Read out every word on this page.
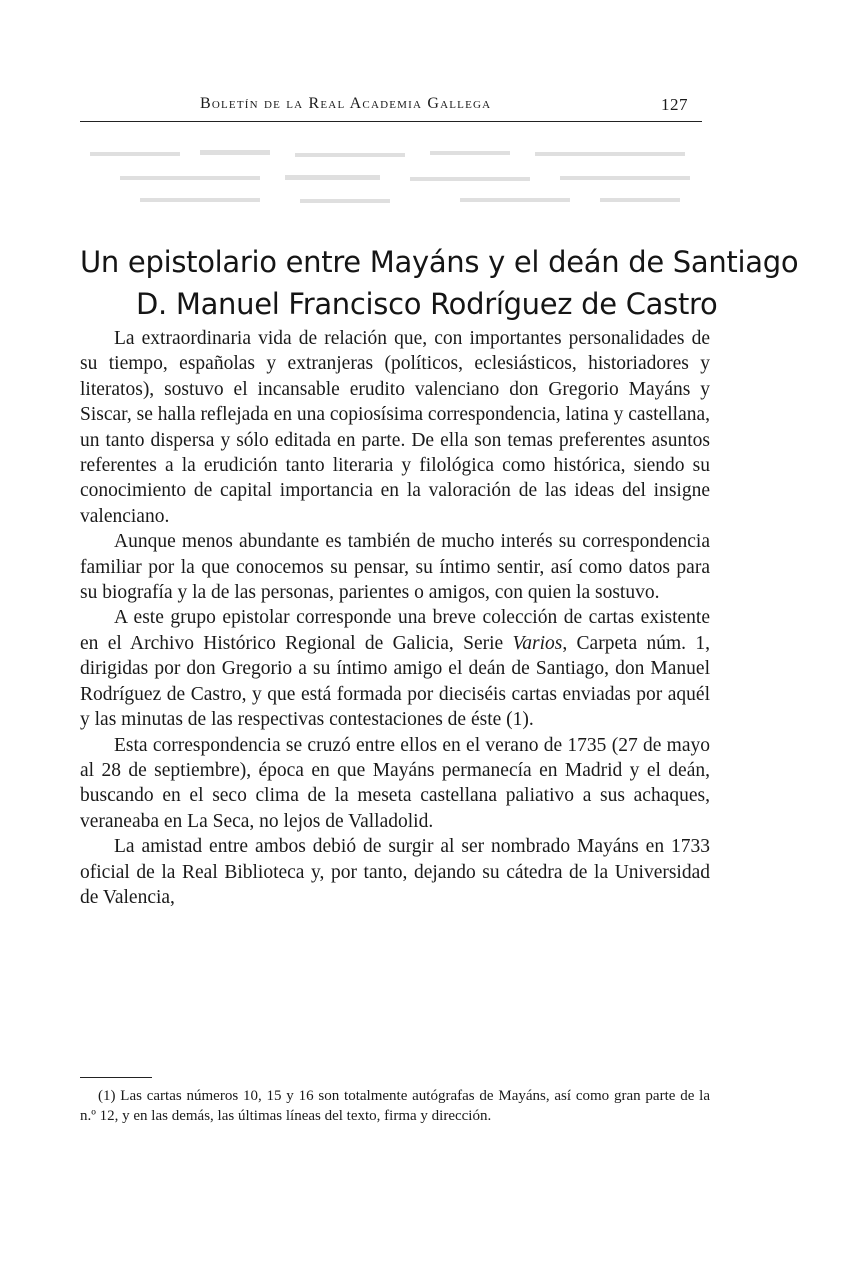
Boletín de la Real Academia Gallega	127
Un epistolario entre Mayáns y el deán de Santiago
D. Manuel Francisco Rodríguez de Castro

La extraordinaria vida de relación que, con importantes personalidades de su tiempo, españolas y extranjeras (políticos, eclesiásticos, historiadores y literatos), sostuvo el incansable erudito valenciano don Gregorio Mayáns y Siscar, se halla reflejada en una copiosísima correspondencia, latina y castellana, un tanto dispersa y sólo editada en parte. De ella son temas preferentes asuntos referentes a la erudición tanto literaria y filológica como histórica, siendo su conocimiento de capital importancia en la valoración de las ideas del insigne valenciano.

Aunque menos abundante es también de mucho interés su correspondencia familiar por la que conocemos su pensar, su íntimo sentir, así como datos para su biografía y la de las personas, parientes o amigos, con quien la sostuvo.

A este grupo epistolar corresponde una breve colección de cartas existente en el Archivo Histórico Regional de Galicia, Serie Varios, Carpeta núm. 1, dirigidas por don Gregorio a su íntimo amigo el deán de Santiago, don Manuel Rodríguez de Castro, y que está formada por dieciséis cartas enviadas por aquél y las minutas de las respectivas contestaciones de éste (1).

Esta correspondencia se cruzó entre ellos en el verano de 1735 (27 de mayo al 28 de septiembre), época en que Mayáns permanecía en Madrid y el deán, buscando en el seco clima de la meseta castellana paliativo a sus achaques, veraneaba en La Seca, no lejos de Valladolid.

La amistad entre ambos debió de surgir al ser nombrado Mayáns en 1733 oficial de la Real Biblioteca y, por tanto, dejando su cátedra de la Universidad de Valencia,

(1) Las cartas números 10, 15 y 16 son totalmente autógrafas de Mayáns, así como gran parte de la n.º 12, y en las demás, las últimas líneas del texto, firma y dirección.
